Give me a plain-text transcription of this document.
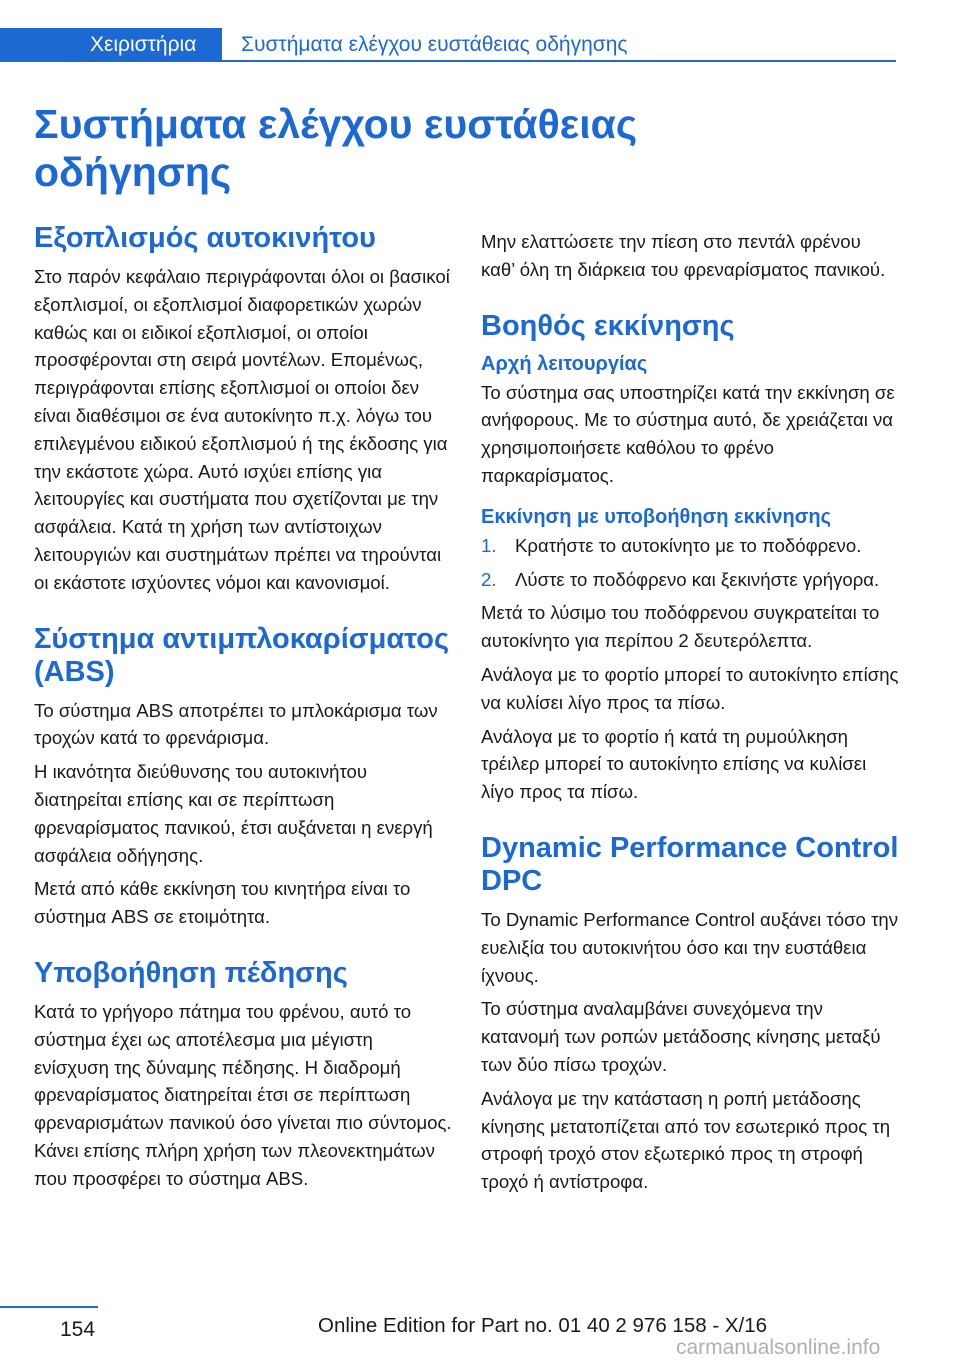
Χειριστήρια	Συστήματα ελέγχου ευστάθειας οδήγησης
Συστήματα ελέγχου ευστάθειας οδήγησης
Εξοπλισμός αυτοκινήτου

Στο παρόν κεφάλαιο περιγράφονται όλοι οι βασικοί εξοπλισμοί, οι εξοπλισμοί διαφορετικών χωρών καθώς και οι ειδικοί εξοπλισμοί, οι οποίοι προσφέρονται στη σειρά μοντέλων. Επομένως, περιγράφονται επίσης εξοπλισμοί οι οποίοι δεν είναι διαθέσιμοι σε ένα αυτοκίνητο π.χ. λόγω του επιλεγμένου ειδικού εξοπλισμού ή της έκδοσης για την εκάστοτε χώρα. Αυτό ισχύει επίσης για λειτουργίες και συστήματα που σχετίζονται με την ασφάλεια. Κατά τη χρήση των αντίστοιχων λειτουργιών και συστημάτων πρέπει να τηρούνται οι εκάστοτε ισχύοντες νόμοι και κανονισμοί.

Σύστημα αντιμπλοκαρίσματος (ABS)

Το σύστημα ABS αποτρέπει το μπλοκάρισμα των τροχών κατά το φρενάρισμα.

Η ικανότητα διεύθυνσης του αυτοκινήτου διατηρείται επίσης και σε περίπτωση φρεναρίσματος πανικού, έτσι αυξάνεται η ενεργή ασφάλεια οδήγησης.

Μετά από κάθε εκκίνηση του κινητήρα είναι το σύστημα ABS σε ετοιμότητα.

Υποβοήθηση πέδησης

Κατά το γρήγορο πάτημα του φρένου, αυτό το σύστημα έχει ως αποτέλεσμα μια μέγιστη ενίσχυση της δύναμης πέδησης. Η διαδρομή φρεναρίσματος διατηρείται έτσι σε περίπτωση φρεναρισμάτων πανικού όσο γίνεται πιο σύντομος. Κάνει επίσης πλήρη χρήση των πλεονεκτημάτων που προσφέρει το σύστημα ABS.

Μην ελαττώσετε την πίεση στο πεντάλ φρένου καθ’ όλη τη διάρκεια του φρεναρίσματος πανικού.

Βοηθός εκκίνησης
Αρχή λειτουργίας

Το σύστημα σας υποστηρίζει κατά την εκκίνηση σε ανήφορους. Με το σύστημα αυτό, δε χρειάζεται να χρησιμοποιήσετε καθόλου το φρένο παρκαρίσματος.

Εκκίνηση με υποβοήθηση εκκίνησης
1. Κρατήστε το αυτοκίνητο με το ποδόφρενο.
2. Λύστε το ποδόφρενο και ξεκινήστε γρήγορα.

Μετά το λύσιμο του ποδόφρενου συγκρατείται το αυτοκίνητο για περίπου 2 δευτερόλεπτα.

Ανάλογα με το φορτίο μπορεί το αυτοκίνητο επίσης να κυλίσει λίγο προς τα πίσω.

Ανάλογα με το φορτίο ή κατά τη ρυμούλκηση τρέιλερ μπορεί το αυτοκίνητο επίσης να κυλίσει λίγο προς τα πίσω.

Dynamic Performance Control DPC

Το Dynamic Performance Control αυξάνει τόσο την ευελιξία του αυτοκινήτου όσο και την ευστάθεια ίχνους.

Το σύστημα αναλαμβάνει συνεχόμενα την κατανομή των ροπών μετάδοσης κίνησης μεταξύ των δύο πίσω τροχών.

Ανάλογα με την κατάσταση η ροπή μετάδοσης κίνησης μετατοπίζεται από τον εσωτερικό προς τη στροφή τροχό στον εξωτερικό προς τη στροφή τροχό ή αντίστροφα.

154	Online Edition for Part no. 01 40 2 976 158 - X/16
carmanualsonline.info
